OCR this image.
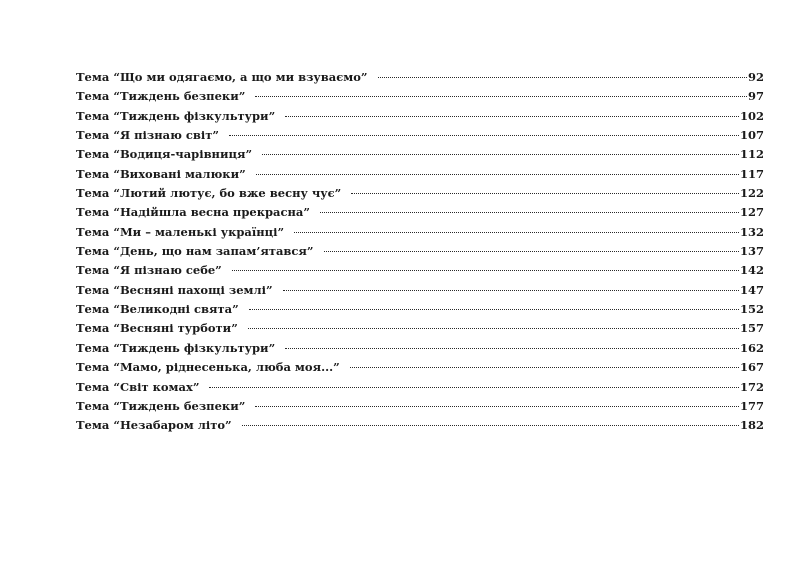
Тема “Що ми одягаємо, а що ми взуваємо”	92
Тема “Тиждень безпеки”	97
Тема “Тиждень фізкультури”	102
Тема “Я пізнаю світ”	107
Тема “Водиця-чарівниця”	112
Тема “Виховані малюки”	117
Тема “Лютий лютує, бо вже весну чує”	122
Тема “Надійшла весна прекрасна”	127
Тема “Ми – маленькі українці”	132
Тема “День, що нам запам’ятався”	137
Тема “Я пізнаю себе”	142
Тема “Весняні пахощі землі”	147
Тема “Великодні свята”	152
Тема “Весняні турботи”	157
Тема “Тиждень фізкультури”	162
Тема “Мамо, ріднесенька, люба моя...”	167
Тема “Світ комах”	172
Тема “Тиждень безпеки”	177
Тема “Незабаром літо”	182
